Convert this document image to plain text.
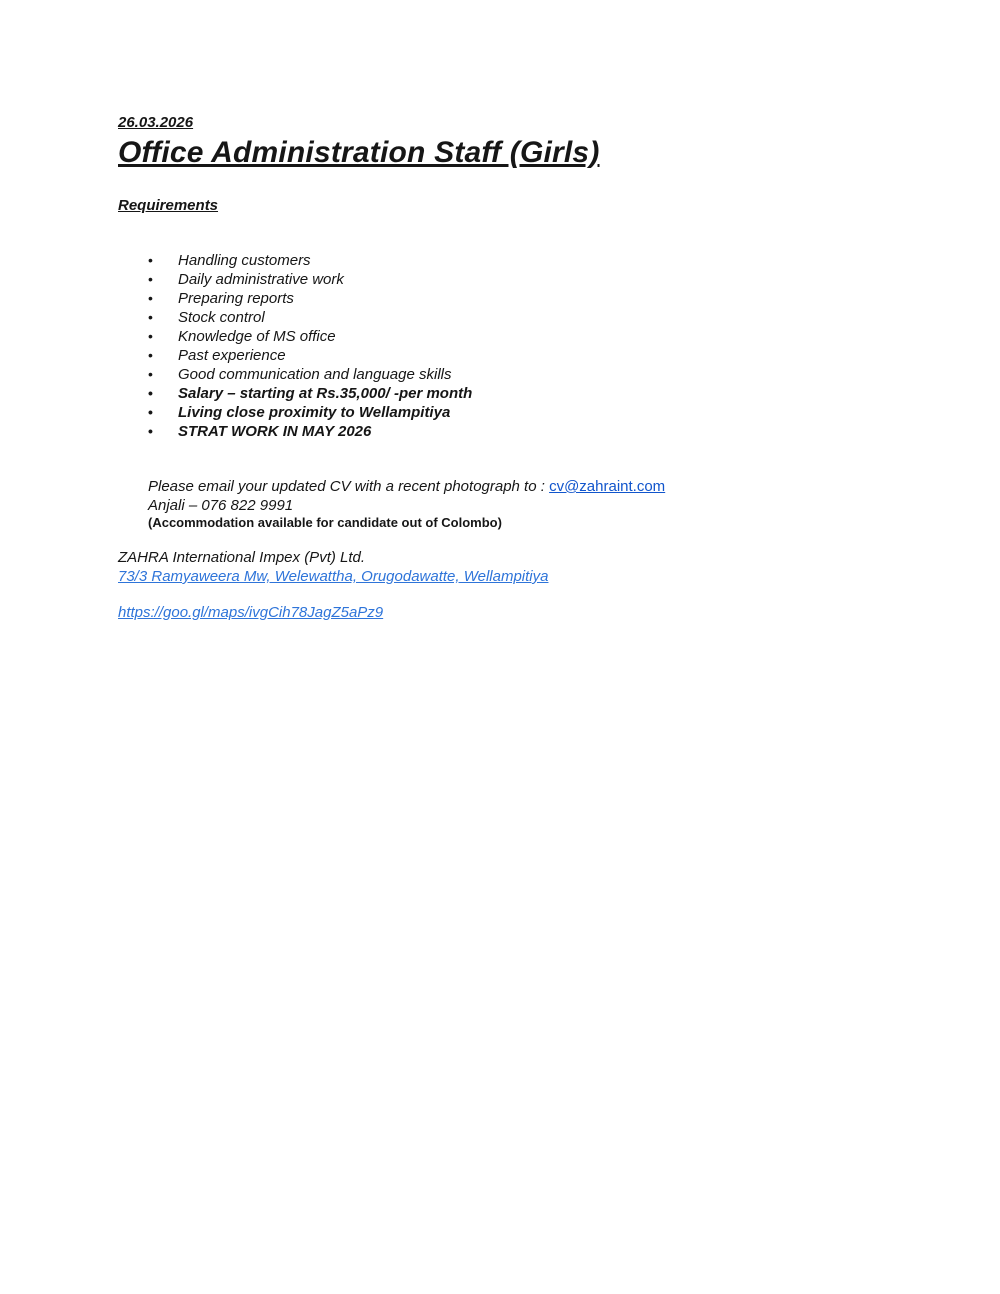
26.03.2026
Office Administration Staff (Girls)
Requirements
•	Handling customers
•	Daily administrative work
•	Preparing reports
•	Stock control
•	Knowledge of MS office
•	Past experience
•	Good communication and language skills
•	Salary – starting at Rs.35,000/ -per month
•	Living close proximity to Wellampitiya
•	STRAT WORK IN MAY 2026
Please email your updated CV with a recent photograph to : cv@zahraint.com
Anjali – 076 822 9991
(Accommodation available for candidate out of Colombo)
ZAHRA International Impex (Pvt) Ltd.
73/3 Ramyaweera Mw, Welewattha, Orugodawatte, Wellampitiya
https://goo.gl/maps/ivgCih78JagZ5aPz9
